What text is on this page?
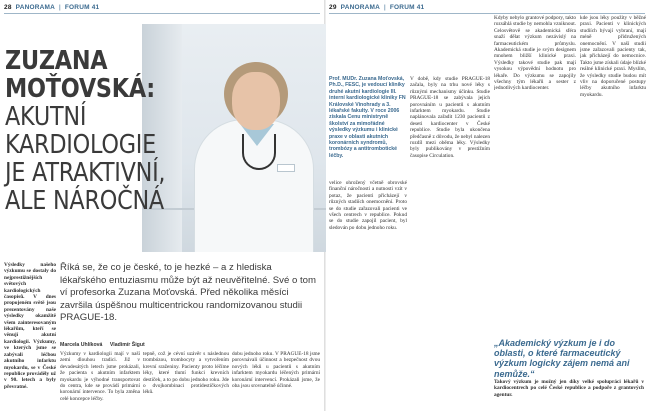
28 PANORAMA | FORUM 41	29 PANORAMA | FORUM 41
ZUZANA MOŤOVSKÁ:
AKUTNÍ KARDIOLOGIE
JE ATRAKTIVNÍ,
ALE NÁROČNÁ

Říká se, že co je české, to je hezké – a z hlediska lékařského entuziasmu může být až neuvěřitelné. Své o tom ví profesorka Zuzana Moťovská. Před několika měsíci završila úspěšnou multicentrickou randomizovanou studii PRAGUE-18.

Marcela Uhlíková Vladimír Šigut
Výsledky našeho výzkumu se dostaly do nejprestižnějších světových kardiologických časopisů. V dnes propojeném světě jsou prezentovány naše výsledky okamžitě všem zainteresovaným lékařům, kteří se věnují akutní kardiologii. Výzkumy, ve kterých jsme se zabývali léčbou akutního infarktu myokardu, se v České republice prováděly už v 90. letech a byly převratné.
Výzkumy v kardiologii mají v naší zemi dlouhou tradici. Již v devadesátých letech jsme prokázali, že pacienta s akutním infarktem myokardu je výhodné transportovat do centra, kde se provádí primární koronární intervence. To byla změna celé koncepce léčby.
tepně, což je cévní uzávěr s následnou trombózou, trombocyty a vytvořením krevní sraženiny. Pacienty proto léčíme léky, které tlumí funkci krevních destiček, a to po dobu jednoho roku. Jde o dvojkombinaci protidestičkových léků.
dobu jednoho roku. V PRAGUE-18 jsme porovnávali účinnost a bezpečnost dvou nových léků u pacientů s akutním infarktem myokardu léčených primární koronární intervencí. Prokázali jsme, že oba jsou srovnatelně účinné.
Prof. MUDr. Zuzana Moťovská, Ph.D., FESC, je vedoucí kliniky druhé akutní kardiologie III. interní kardiologické kliniky FN Královské Vinohrady a 3. lékařské fakulty. V roce 2006 získala Cenu ministryně školství za mimořádné výsledky výzkumu i klinické praxe v oblasti akutních koronárních syndromů, trombózy a antitrombotické léčby.
velice ohrožený včetně obrovské finanční náročnosti a nutnosti vzít v potaz, že pacienti přicházejí v různých stadiích onemocnění. Proto se do studie zařazovali pacienti ve všech centrech v republice. Pokud se do studie zapojil pacient, byl sledován po dobu jednoho roku.
V době, kdy studie PRAGUE-18 začala, byly na trhu nové léky s různými mechanismy účinku. Studie PRAGUE-18 se zabývala jejich porovnáním u pacientů s akutním infarktem myokardu. Studie naplánovala zařadit 1230 pacientů z deseti kardiocenter v České republice. Studie byla ukončena předčasně z důvodu, že nebyl nalezen rozdíl mezi oběma léky. Výsledky byly publikovány v prestižním časopise Circulation.
Kdyby nebylo grantové podpory, takto rozsáhlá studie by nemohla vzniknout. Celosvětově se akademická sféra snaží dělat výzkum nezávislý na farmaceutickém průmyslu. Akademická studie je svým designem mnohem bližší klinické praxi. Výsledky takové studie pak mají vysokou výpovědní hodnotu pro lékaře. Do výzkumu se zapojily všechny tým lékařů a sester z jednotlivých kardiocenter.
kde jsou léky použity v běžné praxi. Pacienti v klinických studiích bývají vybraní, mají méně přidružených onemocnění. V naší studii jsme zařazovali pacienty tak, jak přicházejí do nemocnice. Takto jsme získali údaje blízké reálné klinické praxi. Myslím, že výsledky studie budou mít vliv na doporučené postupy léčby akutního infarktu myokardu.
„Akademický výzkum je i do oblasti, o které farmaceutický výzkum logicky zájem nemá ani nemůže.“
Takový výzkum je možný jen díky velké spolupráci lékařů v kardiocentrech po celé České republice a podpoře z grantových agentur.
